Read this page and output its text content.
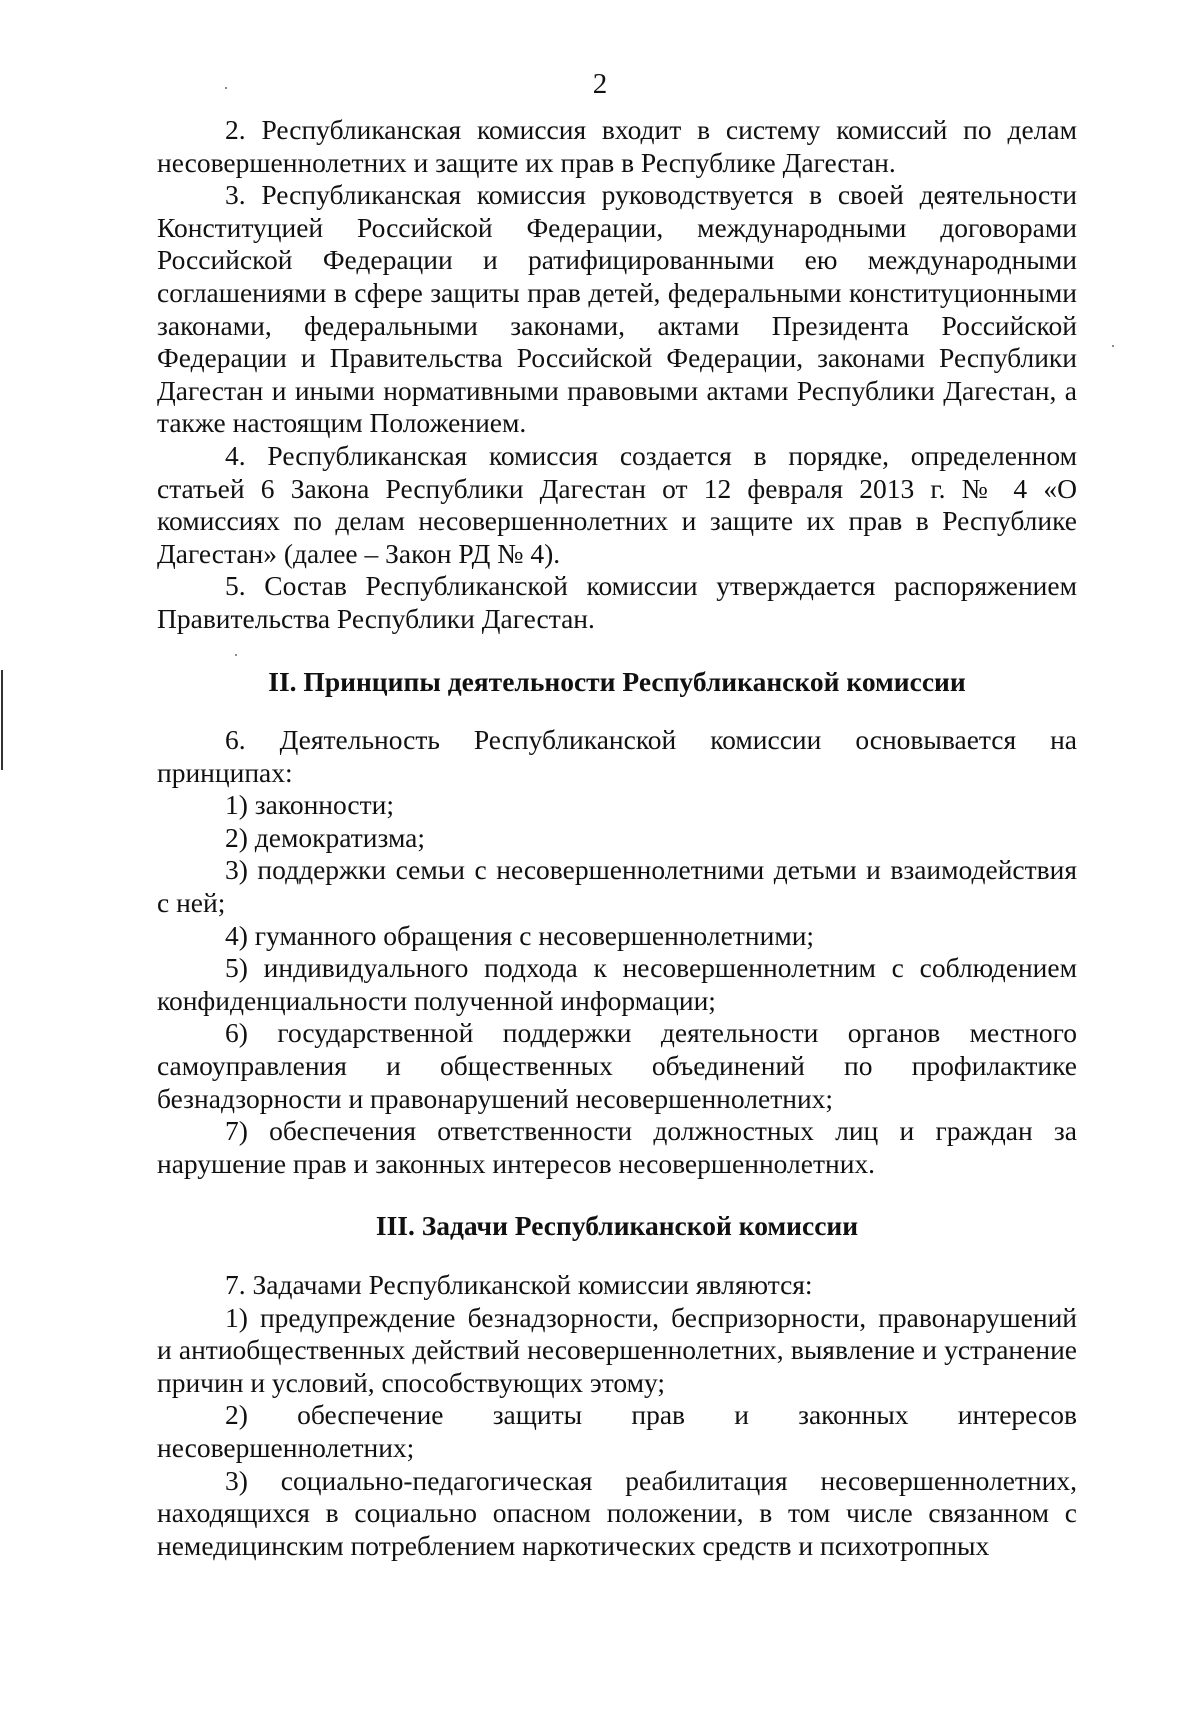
2

2. Республиканская комиссия входит в систему комиссий по делам несовершеннолетних и защите их прав в Республике Дагестан.

3. Республиканская комиссия руководствуется в своей деятельности Конституцией Российской Федерации, международными договорами Российской Федерации и ратифицированными ею международными соглашениями в сфере защиты прав детей, федеральными конституционными законами, федеральными законами, актами Президента Российской Федерации и Правительства Российской Федерации, законами Республики Дагестан и иными нормативными правовыми актами Республики Дагестан, а также настоящим Положением.

4. Республиканская комиссия создается в порядке, определенном статьей 6 Закона Республики Дагестан от 12 февраля 2013 г. № 4 «О комиссиях по делам несовершеннолетних и защите их прав в Республике Дагестан» (далее – Закон РД № 4).

5. Состав Республиканской комиссии утверждается распоряжением Правительства Республики Дагестан.

II. Принципы деятельности Республиканской комиссии

6. Деятельность Республиканской комиссии основывается на принципах:

1) законности;

2) демократизма;

3) поддержки семьи с несовершеннолетними детьми и взаимодействия с ней;

4) гуманного обращения с несовершеннолетними;

5) индивидуального подхода к несовершеннолетним с соблюдением конфиденциальности полученной информации;

6) государственной поддержки деятельности органов местного самоуправления и общественных объединений по профилактике безнадзорности и правонарушений несовершеннолетних;

7) обеспечения ответственности должностных лиц и граждан за нарушение прав и законных интересов несовершеннолетних.

III. Задачи Республиканской комиссии

7. Задачами Республиканской комиссии являются:

1) предупреждение безнадзорности, беспризорности, правонарушений и антиобщественных действий несовершеннолетних, выявление и устранение причин и условий, способствующих этому;

2) обеспечение защиты прав и законных интересов несовершеннолетних;

3) социально-педагогическая реабилитация несовершеннолетних, находящихся в социально опасном положении, в том числе связанном с немедицинским потреблением наркотических средств и психотропных
